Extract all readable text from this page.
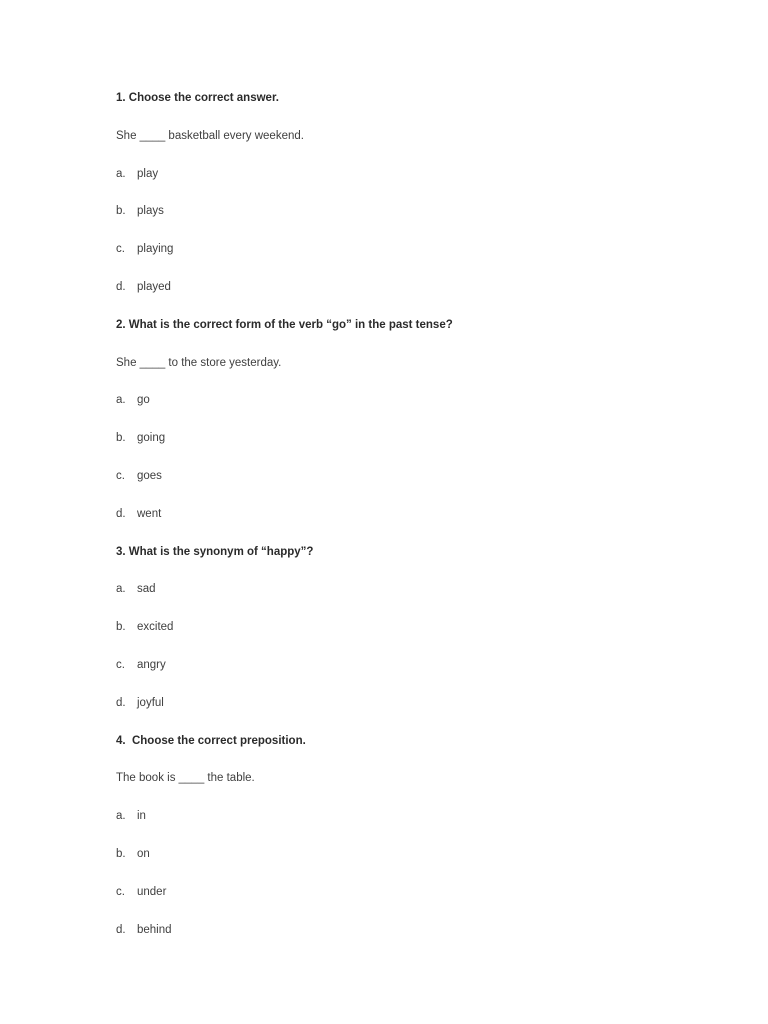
1. Choose the correct answer.
She ____ basketball every weekend.
a. play
b. plays
c. playing
d. played
2. What is the correct form of the verb “go” in the past tense?
She ____ to the store yesterday.
a. go
b. going
c. goes
d. went
3. What is the synonym of “happy”?
a. sad
b. excited
c. angry
d. joyful
4.  Choose the correct preposition.
The book is ____ the table.
a. in
b. on
c. under
d. behind
